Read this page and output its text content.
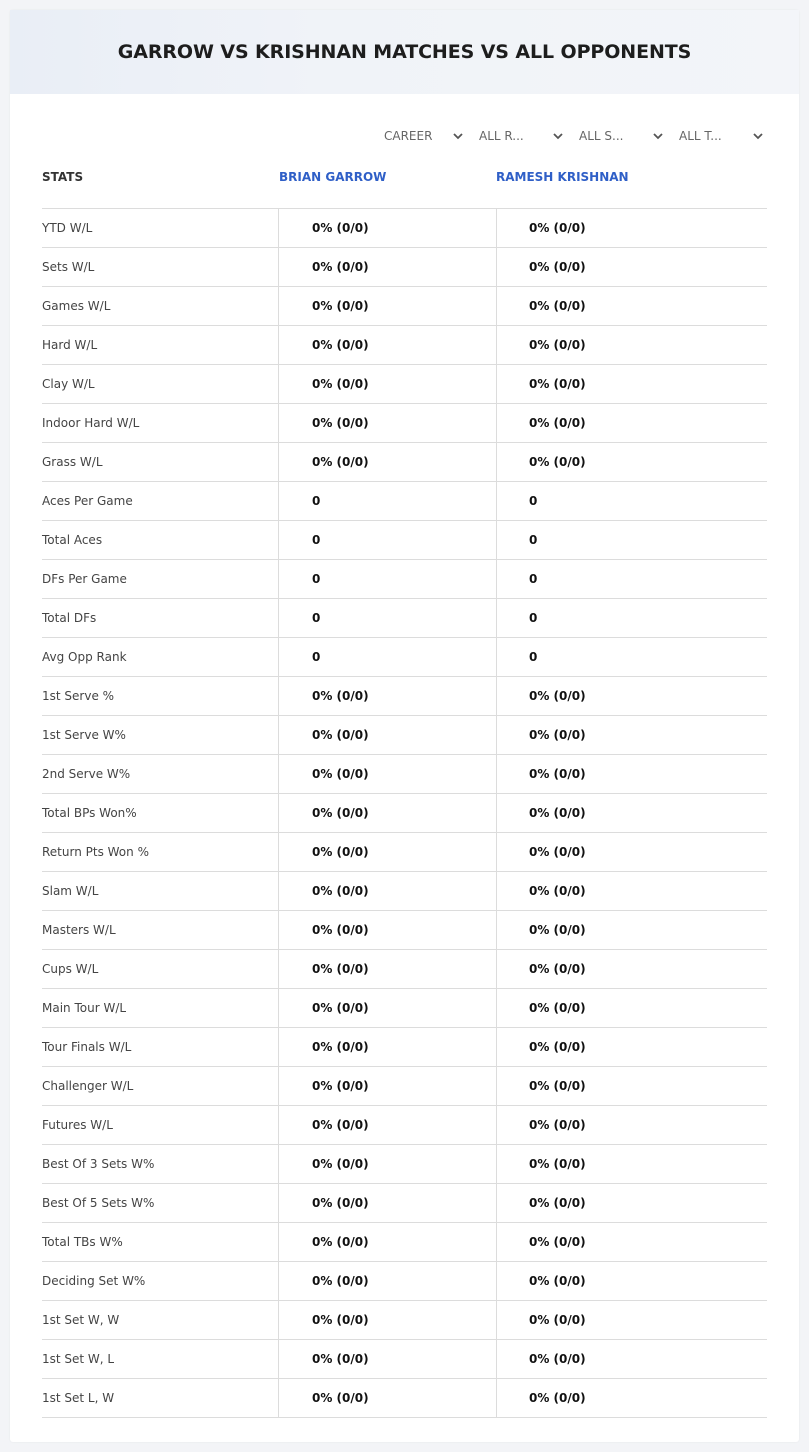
GARROW VS KRISHNAN MATCHES VS ALL OPPONENTS
CAREER	ALL R...	ALL S...	ALL T...
STATS	BRIAN GARROW	RAMESH KRISHNAN
YTD W/L	0% (0/0)	0% (0/0)
Sets W/L	0% (0/0)	0% (0/0)
Games W/L	0% (0/0)	0% (0/0)
Hard W/L	0% (0/0)	0% (0/0)
Clay W/L	0% (0/0)	0% (0/0)
Indoor Hard W/L	0% (0/0)	0% (0/0)
Grass W/L	0% (0/0)	0% (0/0)
Aces Per Game	0	0
Total Aces	0	0
DFs Per Game	0	0
Total DFs	0	0
Avg Opp Rank	0	0
1st Serve %	0% (0/0)	0% (0/0)
1st Serve W%	0% (0/0)	0% (0/0)
2nd Serve W%	0% (0/0)	0% (0/0)
Total BPs Won%	0% (0/0)	0% (0/0)
Return Pts Won %	0% (0/0)	0% (0/0)
Slam W/L	0% (0/0)	0% (0/0)
Masters W/L	0% (0/0)	0% (0/0)
Cups W/L	0% (0/0)	0% (0/0)
Main Tour W/L	0% (0/0)	0% (0/0)
Tour Finals W/L	0% (0/0)	0% (0/0)
Challenger W/L	0% (0/0)	0% (0/0)
Futures W/L	0% (0/0)	0% (0/0)
Best Of 3 Sets W%	0% (0/0)	0% (0/0)
Best Of 5 Sets W%	0% (0/0)	0% (0/0)
Total TBs W%	0% (0/0)	0% (0/0)
Deciding Set W%	0% (0/0)	0% (0/0)
1st Set W, W	0% (0/0)	0% (0/0)
1st Set W, L	0% (0/0)	0% (0/0)
1st Set L, W	0% (0/0)	0% (0/0)
